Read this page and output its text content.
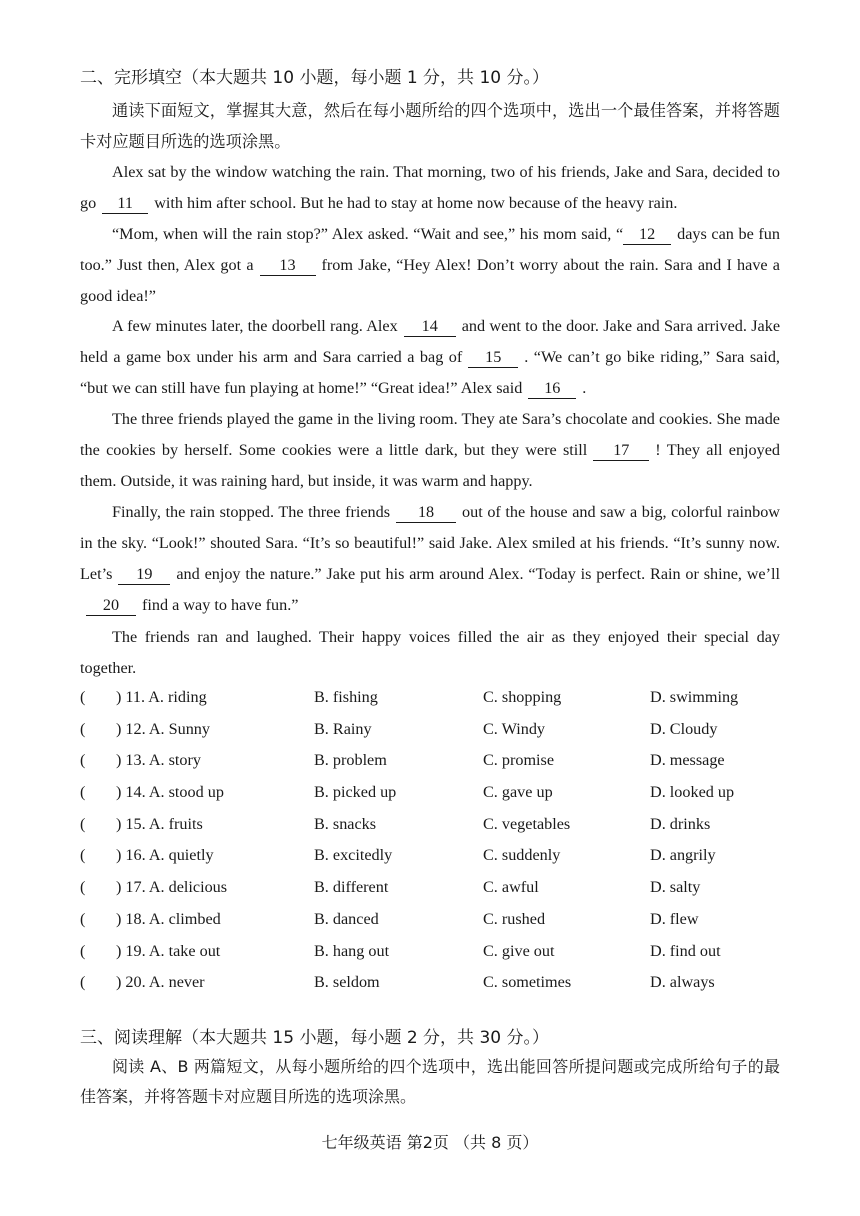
二、完形填空（本大题共 10 小题，每小题 1 分，共 10 分。）
通读下面短文，掌握其大意，然后在每小题所给的四个选项中，选出一个最佳答案，并将答题卡对应题目所选的选项涂黑。
Alex sat by the window watching the rain. That morning, two of his friends, Jake and Sara, decided to go 11 with him after school. But he had to stay at home now because of the heavy rain.
“Mom, when will the rain stop?” Alex asked. “Wait and see,” his mom said, “ 12 days can be fun too.” Just then, Alex got a 13 from Jake, “Hey Alex! Don’t worry about the rain. Sara and I have a good idea!”
A few minutes later, the doorbell rang. Alex 14 and went to the door. Jake and Sara arrived. Jake held a game box under his arm and Sara carried a bag of 15 . “We can’t go bike riding,” Sara said, “but we can still have fun playing at home!” “Great idea!” Alex said 16 .
The three friends played the game in the living room. They ate Sara’s chocolate and cookies. She made the cookies by herself. Some cookies were a little dark, but they were still 17 ! They all enjoyed them. Outside, it was raining hard, but inside, it was warm and happy.
Finally, the rain stopped. The three friends 18 out of the house and saw a big, colorful rainbow in the sky. “Look!” shouted Sara. “It’s so beautiful!” said Jake. Alex smiled at his friends. “It’s sunny now. Let’s 19 and enjoy the nature.” Jake put his arm around Alex. “Today is perfect. Rain or shine, we’ll20 find a way to have fun.”
The friends ran and laughed. Their happy voices filled the air as they enjoyed their special day together.
( ) 11. A. riding	B. fishing	C. shopping	D. swimming
( ) 12. A. Sunny	B. Rainy	C. Windy	D. Cloudy
( ) 13. A. story	B. problem	C. promise	D. message
( ) 14. A. stood up	B. picked up	C. gave up	D. looked up
( ) 15. A. fruits	B. snacks	C. vegetables	D. drinks
( ) 16. A. quietly	B. excitedly	C. suddenly	D. angrily
( ) 17. A. delicious	B. different	C. awful	D. salty
( ) 18. A. climbed	B. danced	C. rushed	D. flew
( ) 19. A. take out	B. hang out	C. give out	D. find out
( ) 20. A. never	B. seldom	C. sometimes	D. always
三、阅读理解（本大题共 15 小题，每小题 2 分，共 30 分。）
阅读 A、B 两篇短文，从每小题所给的四个选项中，选出能回答所提问题或完成所给句子的最佳答案，并将答题卡对应题目所选的选项涂黑。
七年级英语 第2页 （共 8 页）
